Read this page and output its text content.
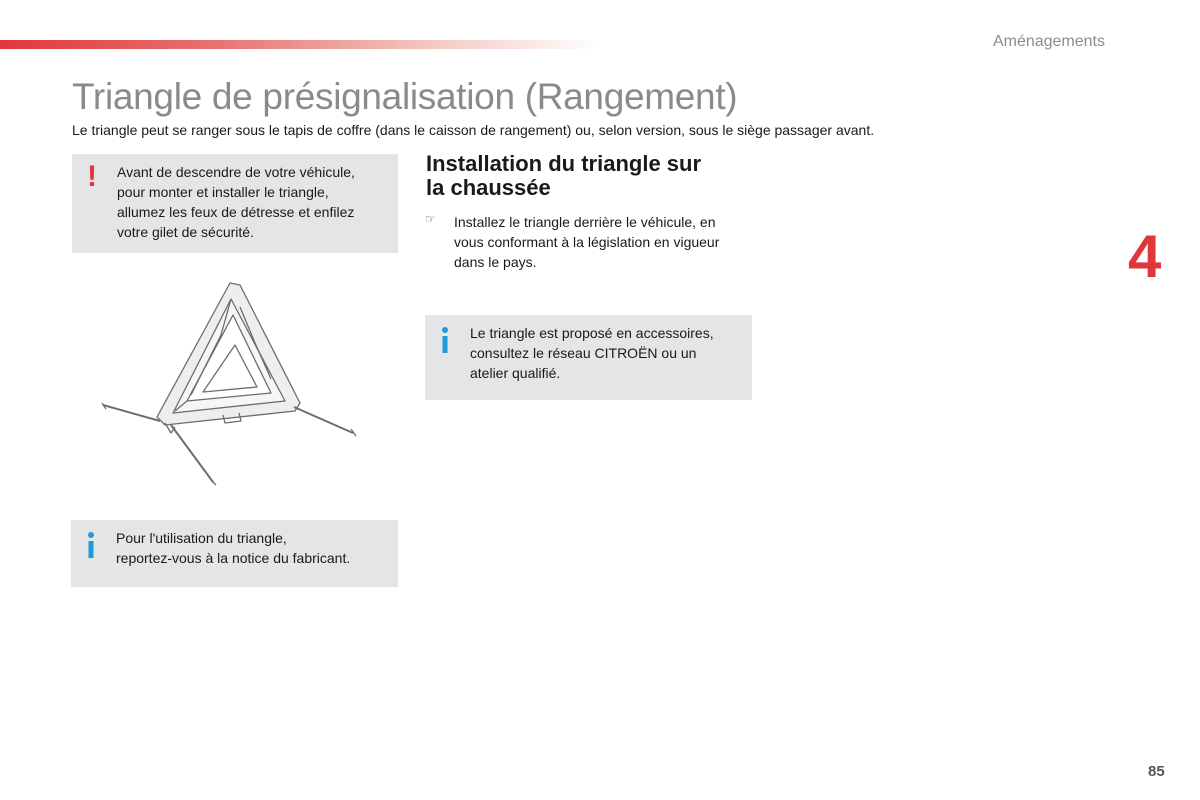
Aménagements
Triangle de présignalisation (Rangement)

Le triangle peut se ranger sous le tapis de coffre (dans le caisson de rangement) ou, selon version, sous le siège passager avant.

! Avant de descendre de votre véhicule,
pour monter et installer le triangle,
allumez les feux de détresse et enfilez
votre gilet de sécurité.
Pour l'utilisation du triangle,
reportez-vous à la notice du fabricant.
Installation du triangle sur
la chaussée
☞ Installez le triangle derrière le véhicule, en
vous conformant à la législation en vigueur
dans le pays.
Le triangle est proposé en accessoires,
consultez le réseau CITROËN ou un
atelier qualifié.
4
85
